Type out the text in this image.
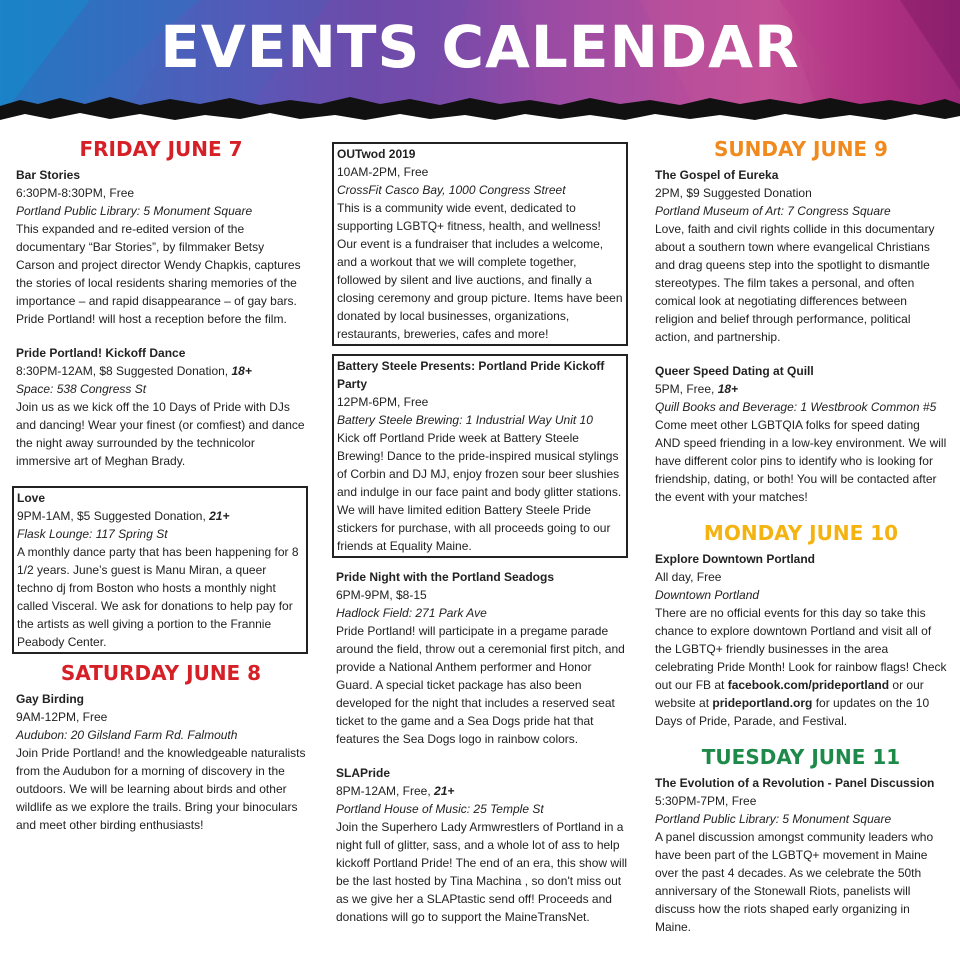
EVENTS CALENDAR
FRIDAY JUNE 7
Bar Stories
6:30PM-8:30PM, Free
Portland Public Library: 5 Monument Square
This expanded and re-edited version of the documentary “Bar Stories”, by filmmaker Betsy Carson and project director Wendy Chapkis, captures the stories of local residents sharing memories of the importance – and rapid disappearance – of gay bars. Pride Portland! will host a reception before the film.
Pride Portland! Kickoff Dance
8:30PM-12AM, $8 Suggested Donation, 18+
Space: 538 Congress St
Join us as we kick off the 10 Days of Pride with DJs and dancing! Wear your finest (or comfiest) and dance the night away surrounded by the technicolor immersive art of Meghan Brady.
Love
9PM-1AM, $5 Suggested Donation, 21+
Flask Lounge: 117 Spring St
A monthly dance party that has been happening for 8 1/2 years. June’s guest is Manu Miran, a queer techno dj from Boston who hosts a monthly night called Visceral. We ask for donations to help pay for the artists as well giving a portion to the Frannie Peabody Center.
SATURDAY JUNE 8
Gay Birding
9AM-12PM, Free
Audubon: 20 Gilsland Farm Rd. Falmouth
Join Pride Portland! and the knowledgeable naturalists from the Audubon for a morning of discovery in the outdoors. We will be learning about birds and other wildlife as we explore the trails. Bring your binoculars and meet other birding enthusiasts!
OUTwod 2019
10AM-2PM, Free
CrossFit Casco Bay, 1000 Congress Street
This is a community wide event, dedicated to supporting LGBTQ+ fitness, health, and wellness! Our event is a fundraiser that includes a welcome, and a workout that we will complete together, followed by silent and live auctions, and finally a closing ceremony and group picture. Items have been donated by local businesses, organizations, restaurants, breweries, cafes and more!
Battery Steele Presents: Portland Pride Kickoff Party
12PM-6PM, Free
Battery Steele Brewing: 1 Industrial Way Unit 10
Kick off Portland Pride week at Battery Steele Brewing! Dance to the pride-inspired musical stylings of Corbin and DJ MJ, enjoy frozen sour beer slushies and indulge in our face paint and body glitter stations. We will have limited edition Battery Steele Pride stickers for purchase, with all proceeds going to our friends at Equality Maine.
Pride Night with the Portland Seadogs
6PM-9PM, $8-15
Hadlock Field: 271 Park Ave
Pride Portland! will participate in a pregame parade around the field, throw out a ceremonial first pitch, and provide a National Anthem performer and Honor Guard. A special ticket package has also been developed for the night that includes a reserved seat ticket to the game and a Sea Dogs pride hat that features the Sea Dogs logo in rainbow colors.
SLAPride
8PM-12AM, Free, 21+
Portland House of Music: 25 Temple St
Join the Superhero Lady Armwrestlers of Portland in a night full of glitter, sass, and a whole lot of ass to help kickoff Portland Pride! The end of an era, this show will be the last hosted by Tina Machina , so don't miss out as we give her a SLAPtastic send off! Proceeds and donations will go to support the MaineTransNet.
SUNDAY JUNE 9
The Gospel of Eureka
2PM, $9 Suggested Donation
Portland Museum of Art: 7 Congress Square
Love, faith and civil rights collide in this documentary about a southern town where evangelical Christians and drag queens step into the spotlight to dismantle stereotypes. The film takes a personal, and often comical look at negotiating differences between religion and belief through performance, political action, and partnership.
Queer Speed Dating at Quill
5PM, Free, 18+
Quill Books and Beverage: 1 Westbrook Common #5
Come meet other LGBTQIA folks for speed dating AND speed friending in a low-key environment. We will have different color pins to identify who is looking for friendship, dating, or both! You will be contacted after the event with your matches!
MONDAY JUNE 10
Explore Downtown Portland
All day, Free
Downtown Portland
There are no official events for this day so take this chance to explore downtown Portland and visit all of the LGBTQ+ friendly businesses in the area celebrating Pride Month! Look for rainbow flags! Check out our FB at facebook.com/prideportland or our website at prideportland.org for updates on the 10 Days of Pride, Parade, and Festival.
TUESDAY JUNE 11
The Evolution of a Revolution - Panel Discussion
5:30PM-7PM, Free
Portland Public Library: 5 Monument Square
A panel discussion amongst community leaders who have been part of the LGBTQ+ movement in Maine over the past 4 decades. As we celebrate the 50th anniversary of the Stonewall Riots, panelists will discuss how the riots shaped early organizing in Maine.
